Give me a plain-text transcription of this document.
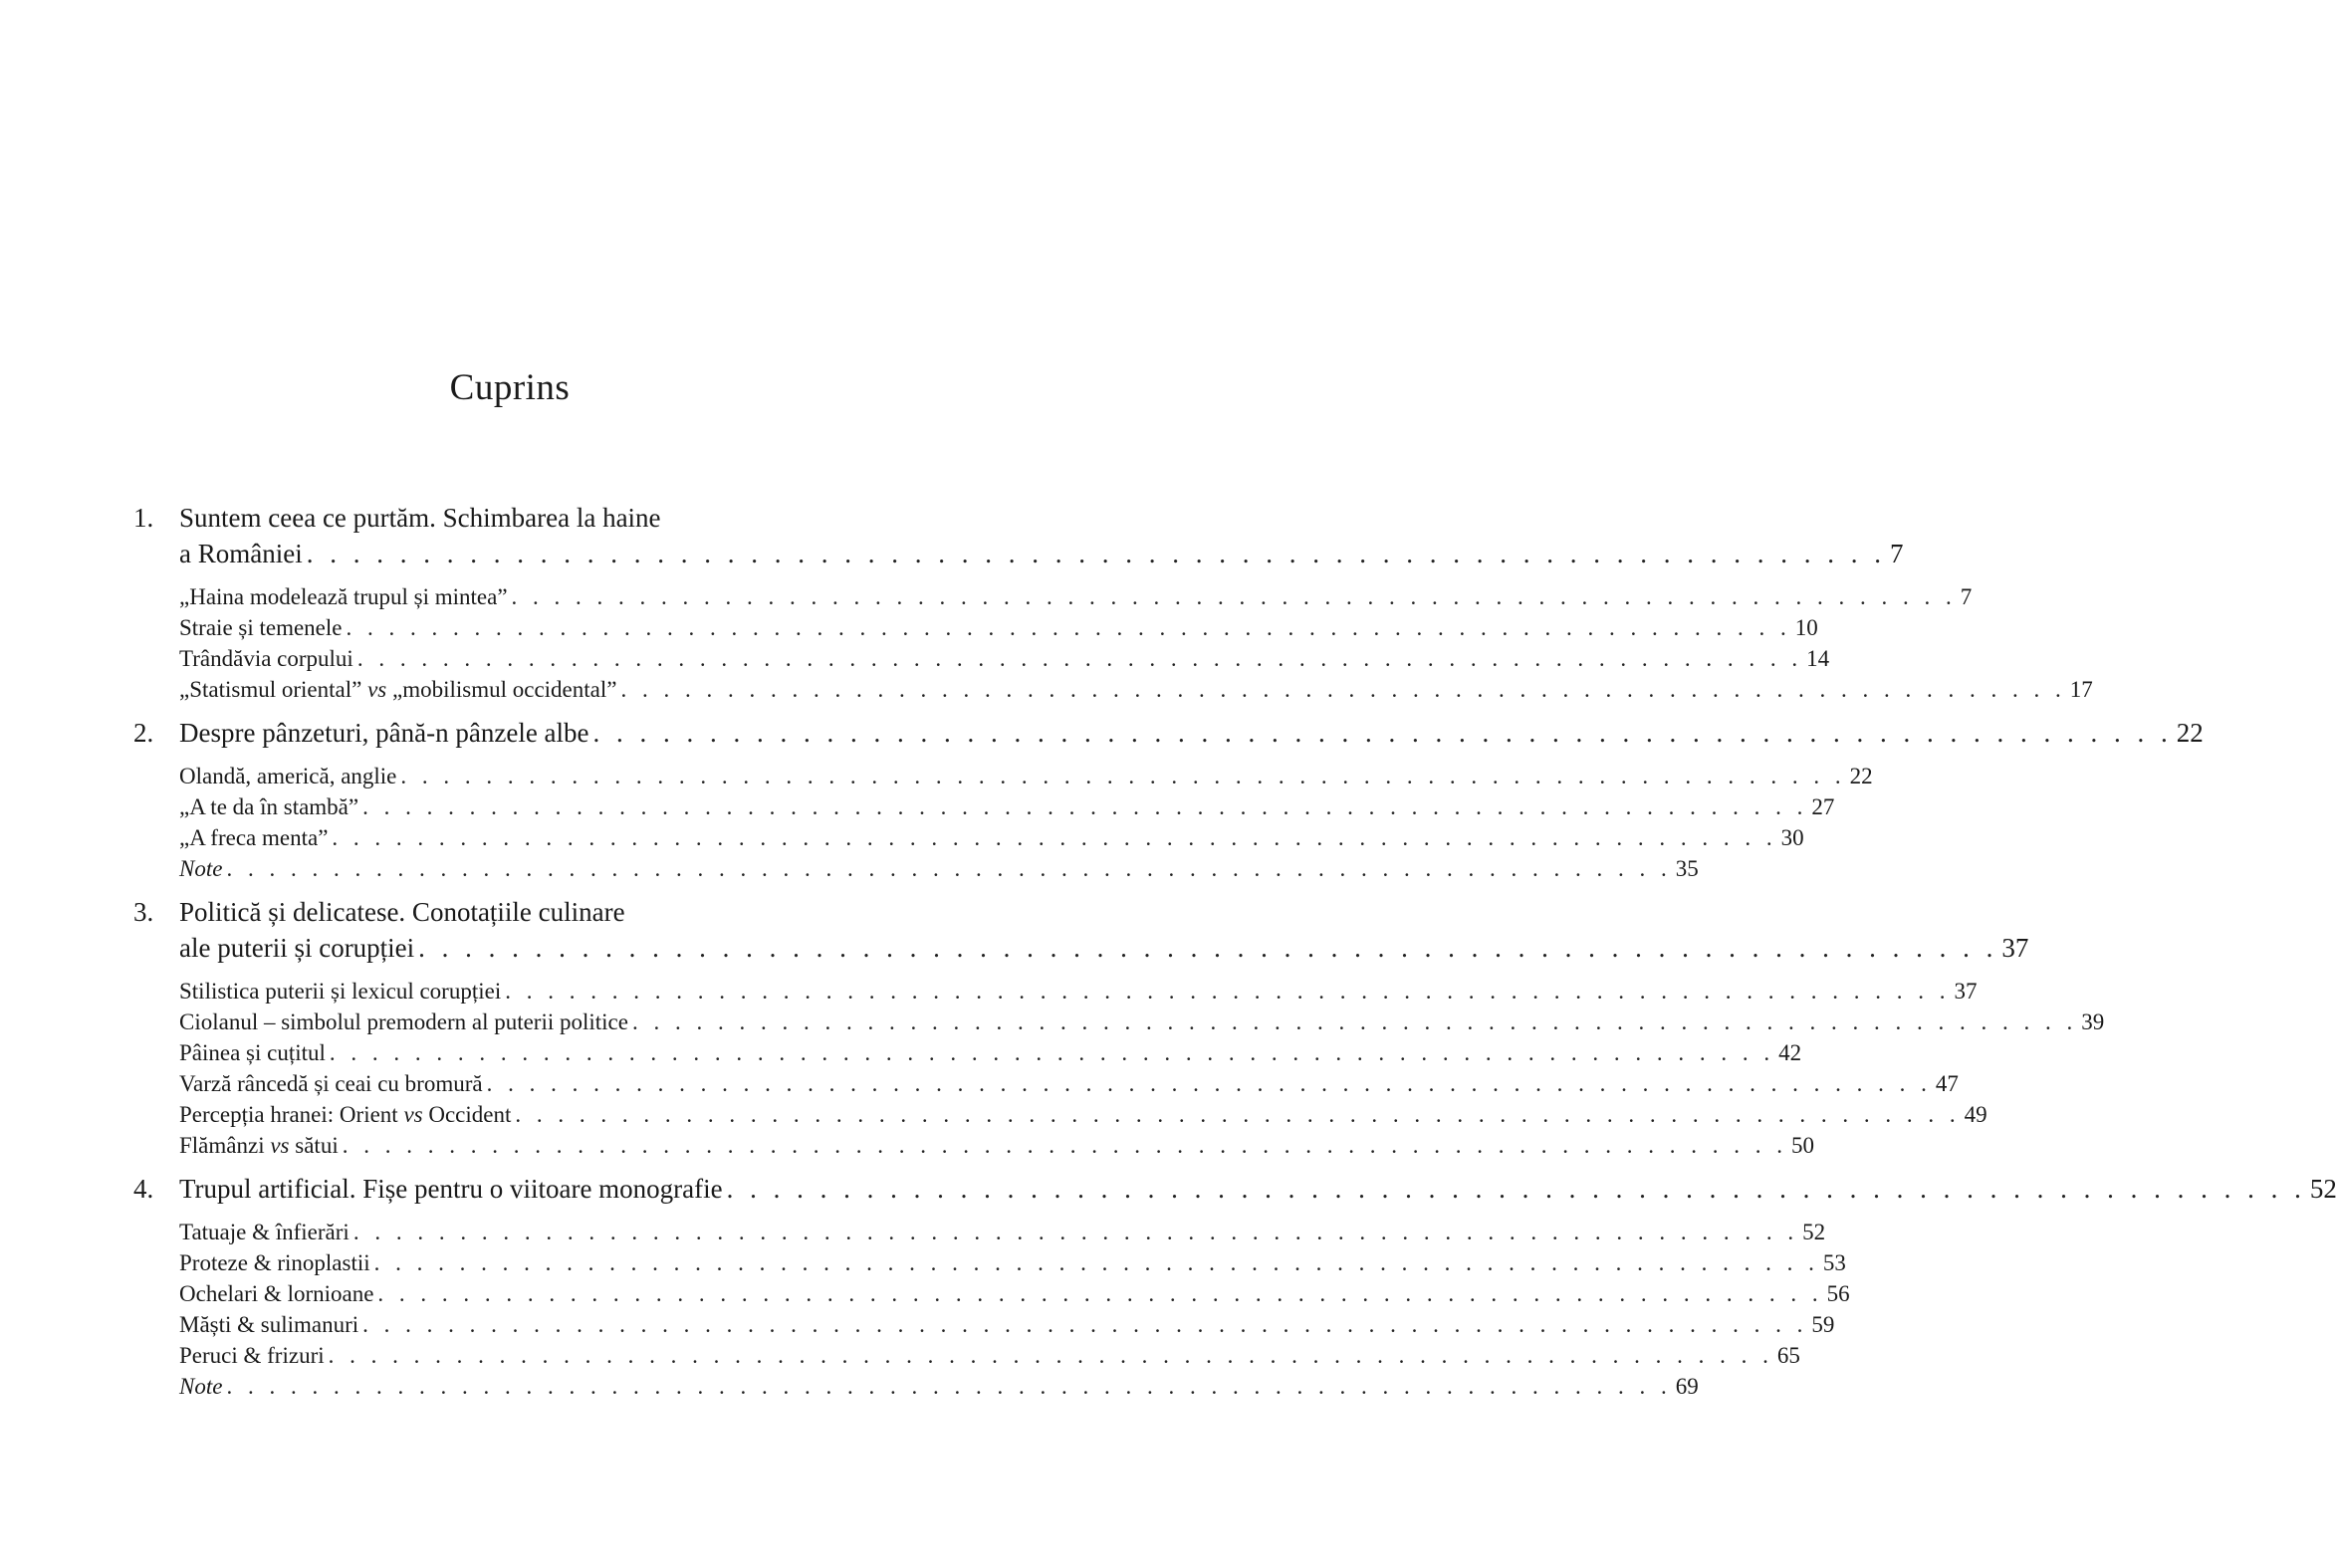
Cuprins
1. Suntem ceea ce purtăm. Schimbarea la haine
a României . . . . . . . . . . . . . . . . . . . . . . . . . . . . . . . . . . . . . . . . . . . . . . . . . . . . . . . . . . . . . . . . . . . . 7
„Haina modelează trupul și mintea” . . . . . . . . . . . . . . . . . . . . . . . . . . . . . . . . . . . . . . . . . . . . . . . . . . . . . . . . . . . . . . . . . . . . 7
Straie și temenele . . . . . . . . . . . . . . . . . . . . . . . . . . . . . . . . . . . . . . . . . . . . . . . . . . . . . . . . . . . . . . . . . . . . 10
Trândăvia corpului . . . . . . . . . . . . . . . . . . . . . . . . . . . . . . . . . . . . . . . . . . . . . . . . . . . . . . . . . . . . . . . . . . . . 14
„Statismul oriental” vs „mobilismul occidental” . . . . . . . . . . . . . . . . . . . . . . . . . . . . . . . . . . . . . . . . . . . . . . . . . . . . . . . . . . . . . . . . . . . . 17
2. Despre pânzeturi, până-n pânzele albe . . . . . . . . . . . . . . . . . . . . . . . . . . . . . . . . . . . . . . . . . . . . . . . . . . . . . . . . . . . . . . . . . . . . 22
Olandă, americă, anglie . . . . . . . . . . . . . . . . . . . . . . . . . . . . . . . . . . . . . . . . . . . . . . . . . . . . . . . . . . . . . . . . . . . . 22
„A te da în stambă” . . . . . . . . . . . . . . . . . . . . . . . . . . . . . . . . . . . . . . . . . . . . . . . . . . . . . . . . . . . . . . . . . . . . 27
„A freca menta” . . . . . . . . . . . . . . . . . . . . . . . . . . . . . . . . . . . . . . . . . . . . . . . . . . . . . . . . . . . . . . . . . . . . 30
Note . . . . . . . . . . . . . . . . . . . . . . . . . . . . . . . . . . . . . . . . . . . . . . . . . . . . . . . . . . . . . . . . . . . . 35
3. Politică și delicatese. Conotațiile culinare
ale puterii și corupției . . . . . . . . . . . . . . . . . . . . . . . . . . . . . . . . . . . . . . . . . . . . . . . . . . . . . . . . . . . . . . . . . . . . 37
Stilistica puterii și lexicul corupției . . . . . . . . . . . . . . . . . . . . . . . . . . . . . . . . . . . . . . . . . . . . . . . . . . . . . . . . . . . . . . . . . . . . 37
Ciolanul – simbolul premodern al puterii politice . . . . . . . . . . . . . . . . . . . . . . . . . . . . . . . . . . . . . . . . . . . . . . . . . . . . . . . . . . . . . . . . . . . . 39
Pâinea și cuțitul . . . . . . . . . . . . . . . . . . . . . . . . . . . . . . . . . . . . . . . . . . . . . . . . . . . . . . . . . . . . . . . . . . . . 42
Varză râncedă și ceai cu bromură . . . . . . . . . . . . . . . . . . . . . . . . . . . . . . . . . . . . . . . . . . . . . . . . . . . . . . . . . . . . . . . . . . . . 47
Percepția hranei: Orient vs Occident . . . . . . . . . . . . . . . . . . . . . . . . . . . . . . . . . . . . . . . . . . . . . . . . . . . . . . . . . . . . . . . . . . . . 49
Flămânzi vs sătui . . . . . . . . . . . . . . . . . . . . . . . . . . . . . . . . . . . . . . . . . . . . . . . . . . . . . . . . . . . . . . . . . . . . 50
4. Trupul artificial. Fișe pentru o viitoare monografie . . . . . . . . . . . . . . . . . . . . . . . . . . . . . . . . . . . . . . . . . . . . . . . . . . . . . . . . . . . . . . . . . . . . 52
Tatuaje & înfierări . . . . . . . . . . . . . . . . . . . . . . . . . . . . . . . . . . . . . . . . . . . . . . . . . . . . . . . . . . . . . . . . . . . . 52
Proteze & rinoplastii . . . . . . . . . . . . . . . . . . . . . . . . . . . . . . . . . . . . . . . . . . . . . . . . . . . . . . . . . . . . . . . . . . . . 53
Ochelari & lornioane . . . . . . . . . . . . . . . . . . . . . . . . . . . . . . . . . . . . . . . . . . . . . . . . . . . . . . . . . . . . . . . . . . . . 56
Măști & sulimanuri . . . . . . . . . . . . . . . . . . . . . . . . . . . . . . . . . . . . . . . . . . . . . . . . . . . . . . . . . . . . . . . . . . . . 59
Peruci & frizuri . . . . . . . . . . . . . . . . . . . . . . . . . . . . . . . . . . . . . . . . . . . . . . . . . . . . . . . . . . . . . . . . . . . . 65
Note . . . . . . . . . . . . . . . . . . . . . . . . . . . . . . . . . . . . . . . . . . . . . . . . . . . . . . . . . . . . . . . . . . . . 69
